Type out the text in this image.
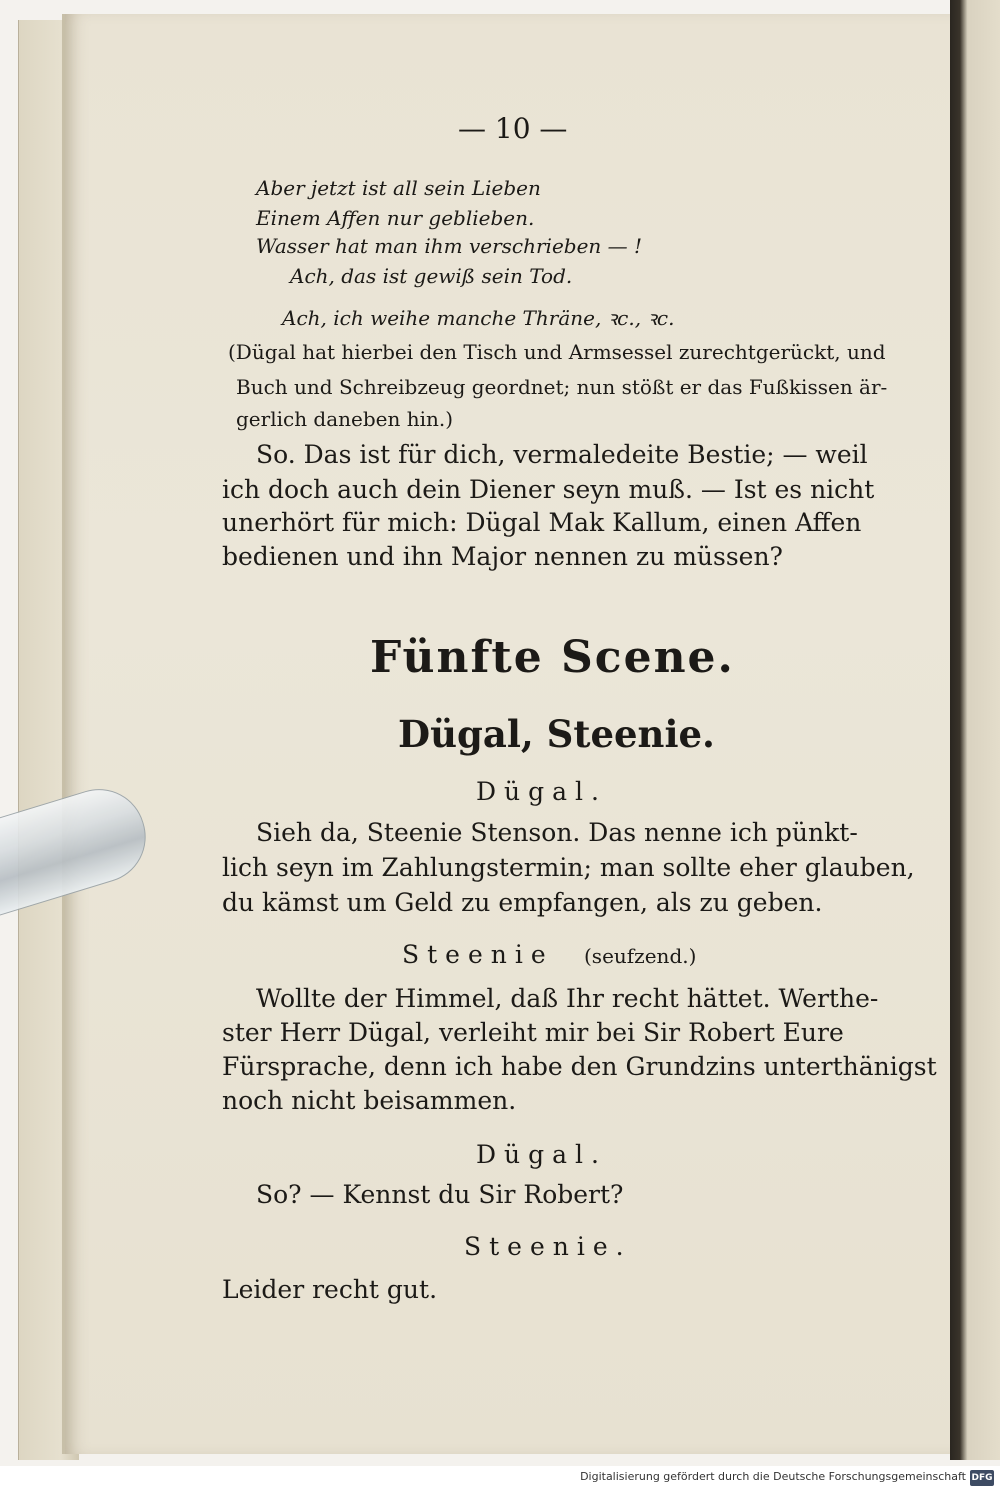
— 10 —
Aber jetzt ist all sein Lieben
Einem Affen nur geblieben.
Wasser hat man ihm verschrieben — !
Ach, das ist gewiß sein Tod.
Ach, ich weihe manche Thräne, ꝛc., ꝛc.
(Dügal hat hierbei den Tisch und Armsessel zurechtgerückt, und
Buch und Schreibzeug geordnet; nun stößt er das Fußkissen är-
gerlich daneben hin.)
So. Das ist für dich, vermaledeite Bestie; — weil
ich doch auch dein Diener seyn muß. — Ist es nicht
unerhört für mich: Dügal Mak Kallum, einen Affen
bedienen und ihn Major nennen zu müssen?
Fünfte Scene.
Dügal, Steenie.
Dügal.
Sieh da, Steenie Stenson. Das nenne ich pünkt-
lich seyn im Zahlungstermin; man sollte eher glauben,
du kämst um Geld zu empfangen, als zu geben.
Steenie (seufzend.)
Wollte der Himmel, daß Ihr recht hättet. Werthe-
ster Herr Dügal, verleiht mir bei Sir Robert Eure
Fürsprache, denn ich habe den Grundzins unterthänigst
noch nicht beisammen.
Dügal.
So? — Kennst du Sir Robert?
Steenie.
Leider recht gut.
Digitalisierung gefördert durch die Deutsche Forschungsgemeinschaft DFG
